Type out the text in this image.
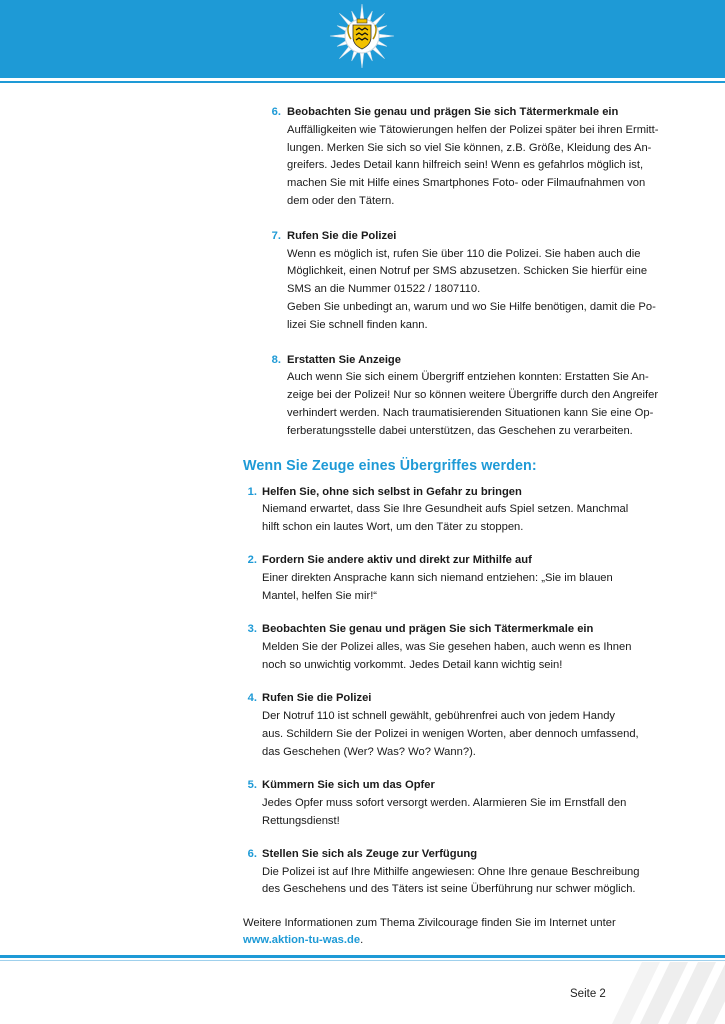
6. Beobachten Sie genau und prägen Sie sich Tätermerkmale ein
Auffälligkeiten wie Tätowierungen helfen der Polizei später bei ihren Ermitt-
lungen. Merken Sie sich so viel Sie können, z.B. Größe, Kleidung des An-
greifers. Jedes Detail kann hilfreich sein! Wenn es gefahrlos möglich ist,
machen Sie mit Hilfe eines Smartphones Foto- oder Filmaufnahmen von
dem oder den Tätern.
7. Rufen Sie die Polizei
Wenn es möglich ist, rufen Sie über 110 die Polizei. Sie haben auch die
Möglichkeit, einen Notruf per SMS abzusetzen. Schicken Sie hierfür eine
SMS an die Nummer 01522 / 1807110.
Geben Sie unbedingt an, warum und wo Sie Hilfe benötigen, damit die Po-
lizei Sie schnell finden kann.
8. Erstatten Sie Anzeige
Auch wenn Sie sich einem Übergriff entziehen konnten: Erstatten Sie An-
zeige bei der Polizei! Nur so können weitere Übergriffe durch den Angreifer
verhindert werden. Nach traumatisierenden Situationen kann Sie eine Op-
ferberatungsstelle dabei unterstützen, das Geschehen zu verarbeiten.
Wenn Sie Zeuge eines Übergriffes werden:
1. Helfen Sie, ohne sich selbst in Gefahr zu bringen
Niemand erwartet, dass Sie Ihre Gesundheit aufs Spiel setzen. Manchmal
hilft schon ein lautes Wort, um den Täter zu stoppen.
2. Fordern Sie andere aktiv und direkt zur Mithilfe auf
Einer direkten Ansprache kann sich niemand entziehen: „Sie im blauen
Mantel, helfen Sie mir!“
3. Beobachten Sie genau und prägen Sie sich Tätermerkmale ein
Melden Sie der Polizei alles, was Sie gesehen haben, auch wenn es Ihnen
noch so unwichtig vorkommt. Jedes Detail kann wichtig sein!
4. Rufen Sie die Polizei
Der Notruf 110 ist schnell gewählt, gebührenfrei auch von jedem Handy
aus. Schildern Sie der Polizei in wenigen Worten, aber dennoch umfassend,
das Geschehen (Wer? Was? Wo? Wann?).
5. Kümmern Sie sich um das Opfer
Jedes Opfer muss sofort versorgt werden. Alarmieren Sie im Ernstfall den
Rettungsdienst!
6. Stellen Sie sich als Zeuge zur Verfügung
Die Polizei ist auf Ihre Mithilfe angewiesen: Ohne Ihre genaue Beschreibung
des Geschehens und des Täters ist seine Überführung nur schwer möglich.
Weitere Informationen zum Thema Zivilcourage finden Sie im Internet unter
www.aktion-tu-was.de.
Seite 2
